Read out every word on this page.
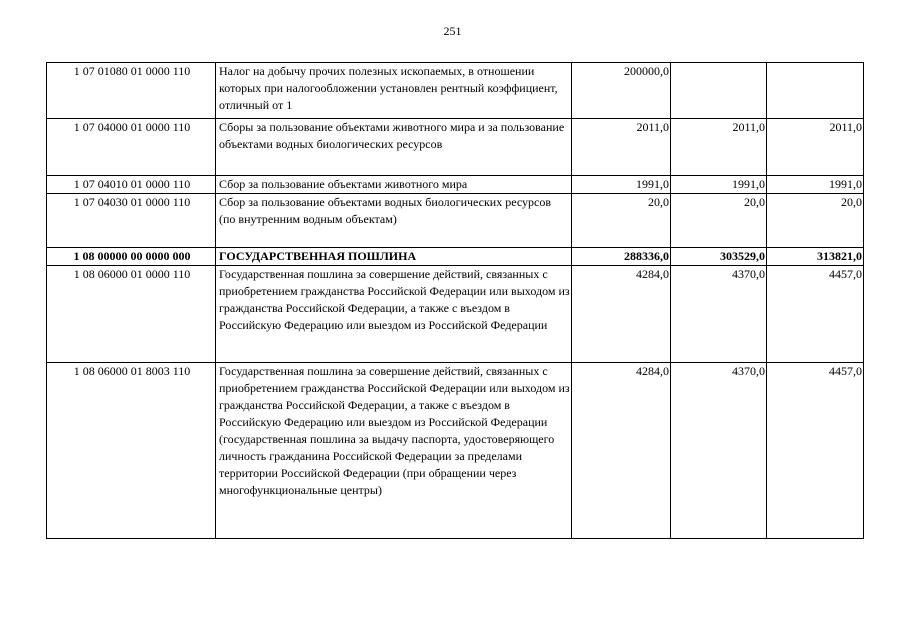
251
1 07 01080 01 0000 110	Налог на добычу прочих полезных ископаемых, в отношении которых при налогообложении установлен рентный коэффициент, отличный от 1	200000,0		
1 07 04000 01 0000 110	Сборы за пользование объектами животного мира и за пользование объектами водных биологических ресурсов	2011,0	2011,0	2011,0
1 07 04010 01 0000 110	Сбор за пользование объектами животного мира	1991,0	1991,0	1991,0
1 07 04030 01 0000 110	Сбор за пользование объектами водных биологических ресурсов (по внутренним водным объектам)	20,0	20,0	20,0
1 08 00000 00 0000 000	ГОСУДАРСТВЕННАЯ ПОШЛИНА	288336,0	303529,0	313821,0
1 08 06000 01 0000 110	Государственная пошлина за совершение действий, связанных с приобретением гражданства Российской Федерации или выходом из гражданства Российской Федерации, а также с въездом в Российскую Федерацию или выездом из Российской Федерации	4284,0	4370,0	4457,0
1 08 06000 01 8003 110	Государственная пошлина за совершение действий, связанных с приобретением гражданства Российской Федерации или выходом из гражданства Российской Федерации, а также с въездом в Российскую Федерацию или выездом из Российской Федерации (государственная пошлина за выдачу паспорта, удостоверяющего личность гражданина Российской Федерации за пределами территории Российской Федерации (при обращении через многофункциональные центры)	4284,0	4370,0	4457,0
